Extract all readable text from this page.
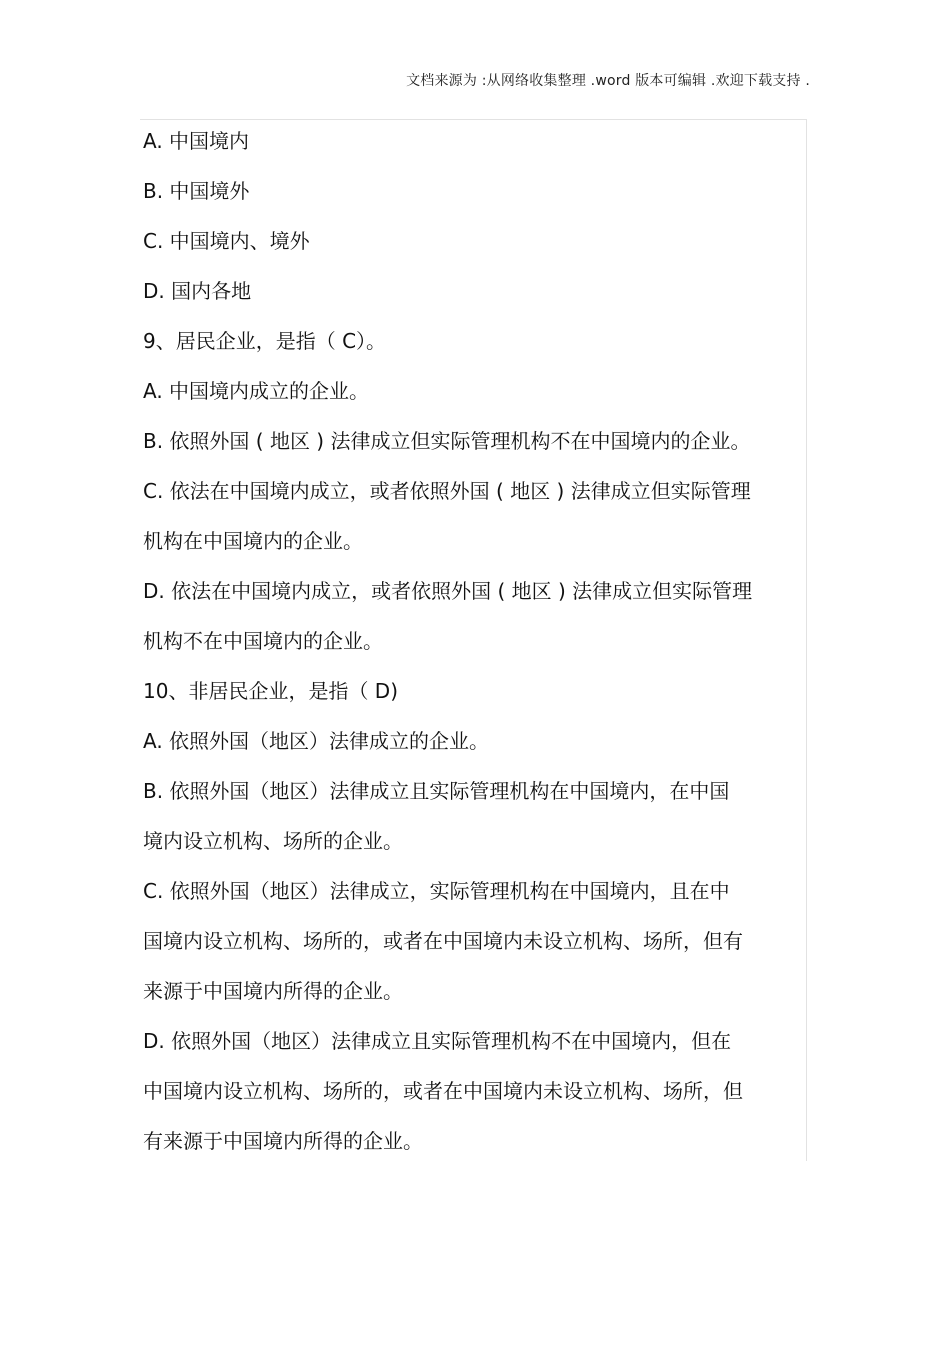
文档来源为 :从网络收集整理 .word 版本可编辑 .欢迎下载支持 .
A. 中国境内
B. 中国境外
C. 中国境内、境外
D. 国内各地
9、居民企业，是指（ C）。
A. 中国境内成立的企业。
B. 依照外国 ( 地区 ) 法律成立但实际管理机构不在中国境内的企业。
C. 依法在中国境内成立，或者依照外国 ( 地区 ) 法律成立但实际管理
机构在中国境内的企业。
D. 依法在中国境内成立，或者依照外国 ( 地区 ) 法律成立但实际管理
机构不在中国境内的企业。
10、非居民企业，是指（ D)
A. 依照外国（地区）法律成立的企业。
B. 依照外国（地区）法律成立且实际管理机构在中国境内，在中国
境内设立机构、场所的企业。
C. 依照外国（地区）法律成立，实际管理机构在中国境内，且在中
国境内设立机构、场所的，或者在中国境内未设立机构、场所，但有
来源于中国境内所得的企业。
D. 依照外国（地区）法律成立且实际管理机构不在中国境内，但在
中国境内设立机构、场所的，或者在中国境内未设立机构、场所，但
有来源于中国境内所得的企业。
